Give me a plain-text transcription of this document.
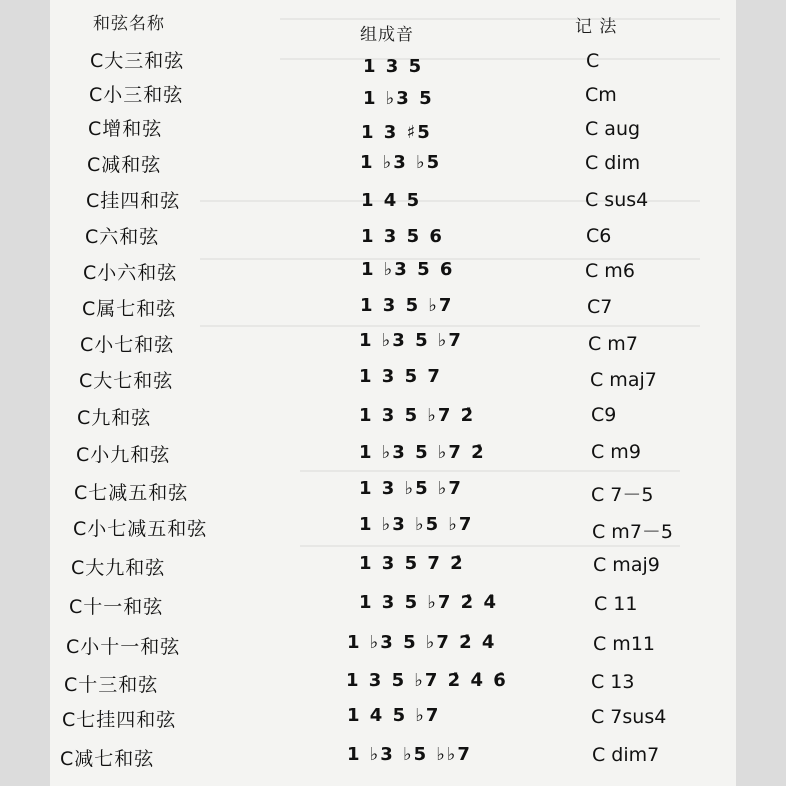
和弦名称
组成音	记 法
C大三和弦	1 3 5	C
C小三和弦	1 ♭3 5	Cm
C增和弦	1 3 ♯5	C aug
C减和弦	1 ♭3 ♭5	C dim
C挂四和弦	1 4 5	C sus4
C六和弦	1 3 5 6	C6
C小六和弦	1 ♭3 5 6	C m6
C属七和弦	1 3 5 ♭7	C7
C小七和弦	1 ♭3 5 ♭7	C m7
C大七和弦	1 3 5 7	C maj7
C九和弦	1 3 5 ♭7 2̇	C9
C小九和弦	1 ♭3 5 ♭7 2̇	C m9
C七减五和弦	1 3 ♭5 ♭7	C 7－5
C小七减五和弦	1 ♭3 ♭5 ♭7	C m7－5
C大九和弦	1 3 5 7 2̇	C maj9
C十一和弦	1 3 5 ♭7 2̇ 4̇	C 11
C小十一和弦	1 ♭3 5 ♭7 2̇ 4̇	C m11
C十三和弦	1 3 5 ♭7 2̇ 4̇ 6̇	C 13
C七挂四和弦	1 4 5 ♭7	C 7sus4
C减七和弦	1 ♭3 ♭5 ♭♭7	C dim7
